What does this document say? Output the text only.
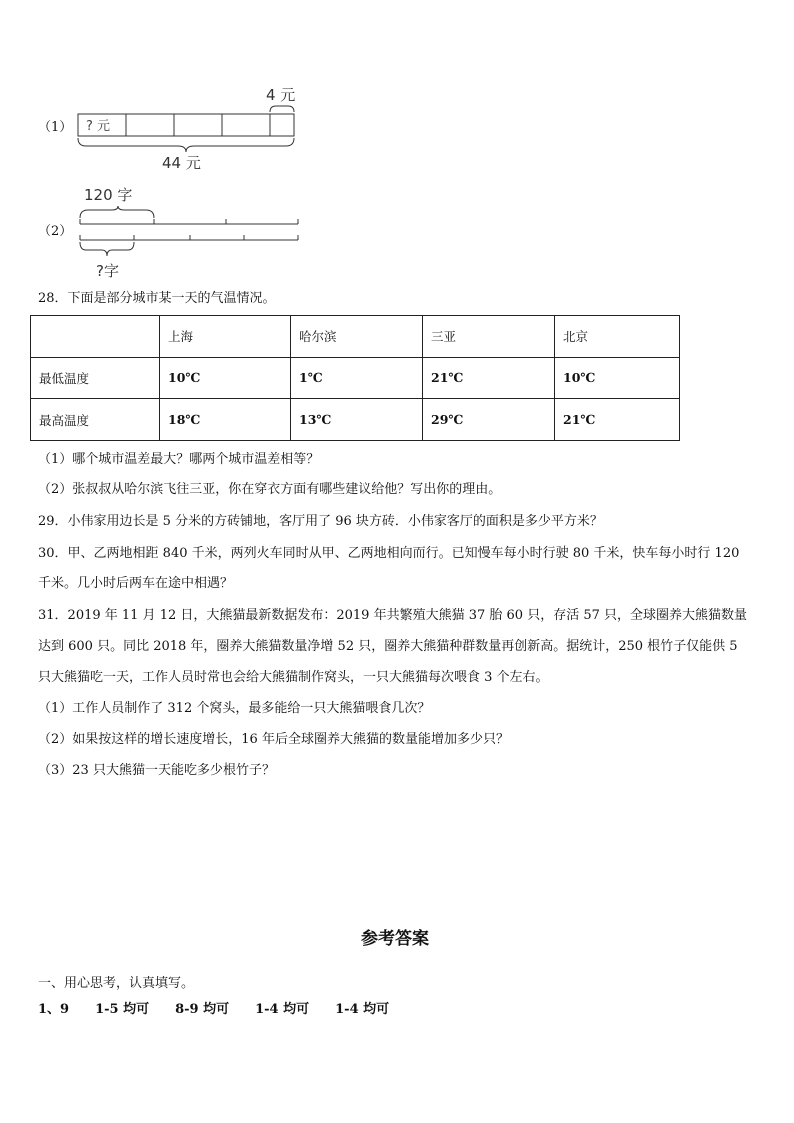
（1）
4 元
? 元
44 元
（2）
120 字
?字
28．下面是部分城市某一天的气温情况。
	上海	哈尔滨	三亚	北京
最低温度	10℃	1℃	21℃	10℃
最高温度	18℃	13℃	29℃	21℃
（1）哪个城市温差最大？哪两个城市温差相等？
（2）张叔叔从哈尔滨飞往三亚，你在穿衣方面有哪些建议给他？写出你的理由。
29．小伟家用边长是 5 分米的方砖铺地，客厅用了 96 块方砖．小伟家客厅的面积是多少平方米？
30．甲、乙两地相距 840 千米，两列火车同时从甲、乙两地相向而行。已知慢车每小时行驶 80 千米，快车每小时行 120
千米。几小时后两车在途中相遇？
31．2019 年 11 月 12 日，大熊猫最新数据发布：2019 年共繁殖大熊猫 37 胎 60 只，存活 57 只，全球圈养大熊猫数量
达到 600 只。同比 2018 年，圈养大熊猫数量净增 52 只，圈养大熊猫种群数量再创新高。据统计，250 根竹子仅能供 5
只大熊猫吃一天，工作人员时常也会给大熊猫制作窝头，一只大熊猫每次喂食 3 个左右。
（1）工作人员制作了 312 个窝头，最多能给一只大熊猫喂食几次？
（2）如果按这样的增长速度增长，16 年后全球圈养大熊猫的数量能增加多少只？
（3）23 只大熊猫一天能吃多少根竹子？
参考答案
一、用心思考，认真填写。
1、9　　1-5 均可　　8-9 均可　　1-4 均可　　1-4 均可
